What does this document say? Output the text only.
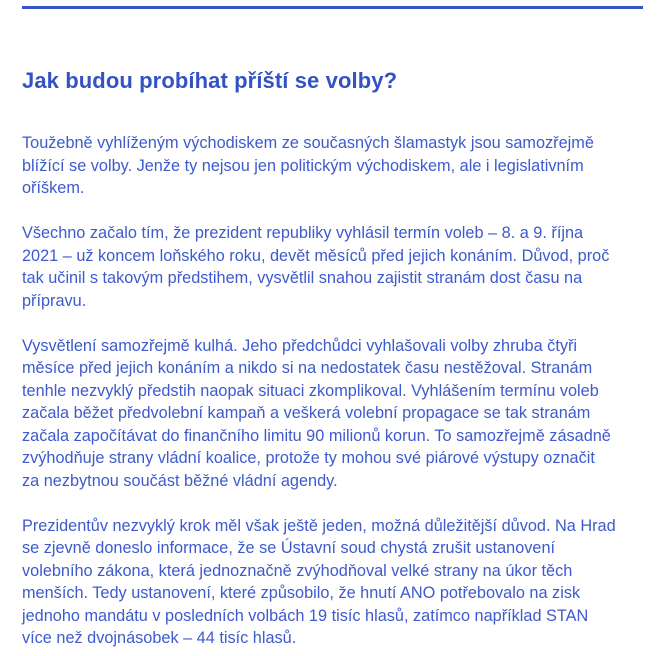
Jak budou probíhat příští se volby?

Toužebně vyhlíženým východiskem ze současných šlamastyk jsou samozřejmě
blížící se volby. Jenže ty nejsou jen politickým východiskem, ale i legislativním
oříškem.

Všechno začalo tím, že prezident republiky vyhlásil termín voleb – 8. a 9. října
2021 – už koncem loňského roku, devět měsíců před jejich konáním. Důvod, proč
tak učinil s takovým předstihem, vysvětlil snahou zajistit stranám dost času na
přípravu.

Vysvětlení samozřejmě kulhá. Jeho předchůdci vyhlašovali volby zhruba čtyři
měsíce před jejich konáním a nikdo si na nedostatek času nestěžoval. Stranám
tenhle nezvyklý předstih naopak situaci zkomplikoval. Vyhlášením termínu voleb
začala běžet předvolební kampaň a veškerá volební propagace se tak stranám
začala započítávat do finančního limitu 90 milionů korun. To samozřejmě zásadně
zvýhodňuje strany vládní koalice, protože ty mohou své piárové výstupy označit
za nezbytnou součást běžné vládní agendy.

Prezidentův nezvyklý krok měl však ještě jeden, možná důležitější důvod. Na Hrad
se zjevně doneslo informace, že se Ústavní soud chystá zrušit ustanovení
volebního zákona, která jednoznačně zvýhodňoval velké strany na úkor těch
menších. Tedy ustanovení, které způsobilo, že hnutí ANO potřebovalo na zisk
jednoho mandátu v posledních volbách 19 tisíc hlasů, zatímco například STAN
více než dvojnásobek – 44 tisíc hlasů.
